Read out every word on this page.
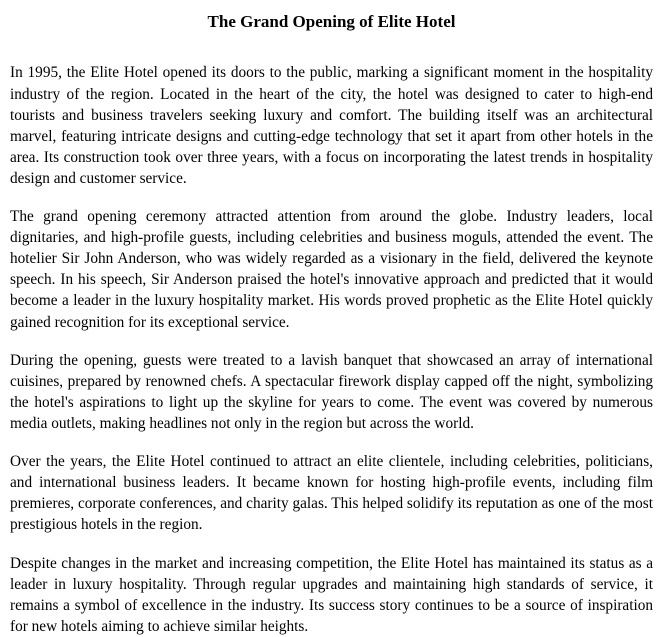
The Grand Opening of Elite Hotel

In 1995, the Elite Hotel opened its doors to the public, marking a significant moment in the hospitality industry of the region. Located in the heart of the city, the hotel was designed to cater to high-end tourists and business travelers seeking luxury and comfort. The building itself was an architectural marvel, featuring intricate designs and cutting-edge technology that set it apart from other hotels in the area. Its construction took over three years, with a focus on incorporating the latest trends in hospitality design and customer service.

The grand opening ceremony attracted attention from around the globe. Industry leaders, local dignitaries, and high-profile guests, including celebrities and business moguls, attended the event. The hotelier Sir John Anderson, who was widely regarded as a visionary in the field, delivered the keynote speech. In his speech, Sir Anderson praised the hotel's innovative approach and predicted that it would become a leader in the luxury hospitality market. His words proved prophetic as the Elite Hotel quickly gained recognition for its exceptional service.

During the opening, guests were treated to a lavish banquet that showcased an array of international cuisines, prepared by renowned chefs. A spectacular firework display capped off the night, symbolizing the hotel's aspirations to light up the skyline for years to come. The event was covered by numerous media outlets, making headlines not only in the region but across the world.

Over the years, the Elite Hotel continued to attract an elite clientele, including celebrities, politicians, and international business leaders. It became known for hosting high-profile events, including film premieres, corporate conferences, and charity galas. This helped solidify its reputation as one of the most prestigious hotels in the region.

Despite changes in the market and increasing competition, the Elite Hotel has maintained its status as a leader in luxury hospitality. Through regular upgrades and maintaining high standards of service, it remains a symbol of excellence in the industry. Its success story continues to be a source of inspiration for new hotels aiming to achieve similar heights.
